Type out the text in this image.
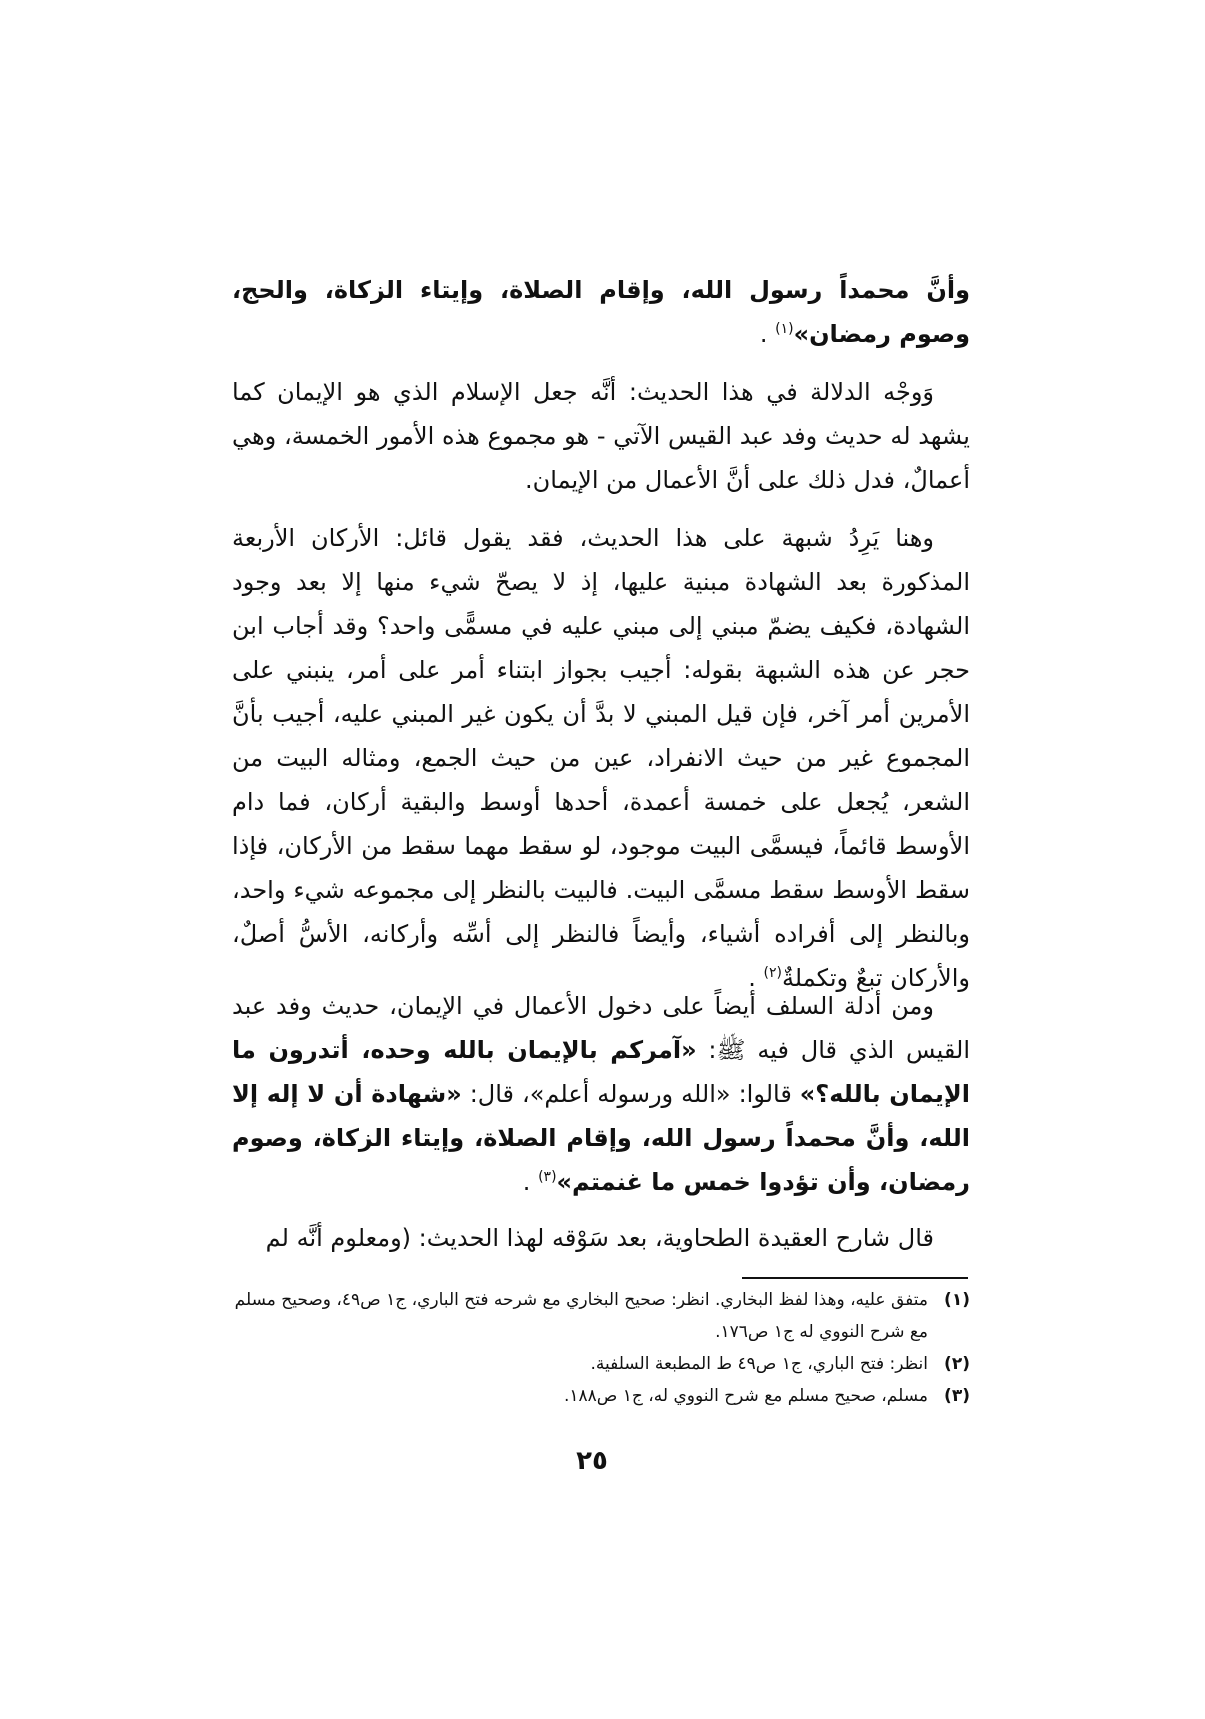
وأنَّ محمداً رسول الله، وإقام الصلاة، وإيتاء الزكاة، والحج، وصوم رمضان»$^{(١)}$ .

وَوجْه الدلالة في هذا الحديث: أنَّه جعل الإسلام الذي هو الإيمان كما يشهد له حديث وفد عبد القيس الآتي - هو مجموع هذه الأمور الخمسة، وهي أعمالٌ، فدل ذلك على أنَّ الأعمال من الإيمان.

وهنا يَرِدُ شبهة على هذا الحديث، فقد يقول قائل: الأركان الأربعة المذكورة بعد الشهادة مبنية عليها، إذ لا يصحّ شيء منها إلا بعد وجود الشهادة، فكيف يضمّ مبني إلى مبني عليه في مسمًّى واحد؟ وقد أجاب ابن حجر عن هذه الشبهة بقوله: أجيب بجواز ابتناء أمر على أمر، ينبني على الأمرين أمر آخر، فإن قيل المبني لا بدَّ أن يكون غير المبني عليه، أجيب بأنَّ المجموع غير من حيث الانفراد، عين من حيث الجمع، ومثاله البيت من الشعر، يُجعل على خمسة أعمدة، أحدها أوسط والبقية أركان، فما دام الأوسط قائماً، فيسمَّى البيت موجود، لو سقط مهما سقط من الأركان، فإذا سقط الأوسط سقط مسمَّى البيت. فالبيت بالنظر إلى مجموعه شيء واحد، وبالنظر إلى أفراده أشياء، وأيضاً فالنظر إلى أسِّه وأركانه، الأسُّ أصلٌ، والأركان تبعٌ وتكملةٌ$^{(٢)}$ .

ومن أدلة السلف أيضاً على دخول الأعمال في الإيمان، حديث وفد عبد القيس الذي قال فيه ﷺ: «آمركم بالإيمان بالله وحده، أتدرون ما الإيمان بالله؟» قالوا: «الله ورسوله أعلم»، قال: «شهادة أن لا إله إلا الله، وأنَّ محمداً رسول الله، وإقام الصلاة، وإيتاء الزكاة، وصوم رمضان، وأن تؤدوا خمس ما غنمتم»$^{(٣)}$ .

قال شارح العقيدة الطحاوية، بعد سَوْقه لهذا الحديث: (ومعلوم أنَّه لم

(١)
متفق عليه، وهذا لفظ البخاري. انظر: صحيح البخاري مع شرحه فتح الباري، ج١ ص٤٩، وصحيح مسلم مع شرح النووي له ج١ ص١٧٦.
(٢)
انظر: فتح الباري، ج١ ص٤٩ ط المطبعة السلفية.
(٣)
مسلم، صحيح مسلم مع شرح النووي له، ج١ ص١٨٨.
٢٥
